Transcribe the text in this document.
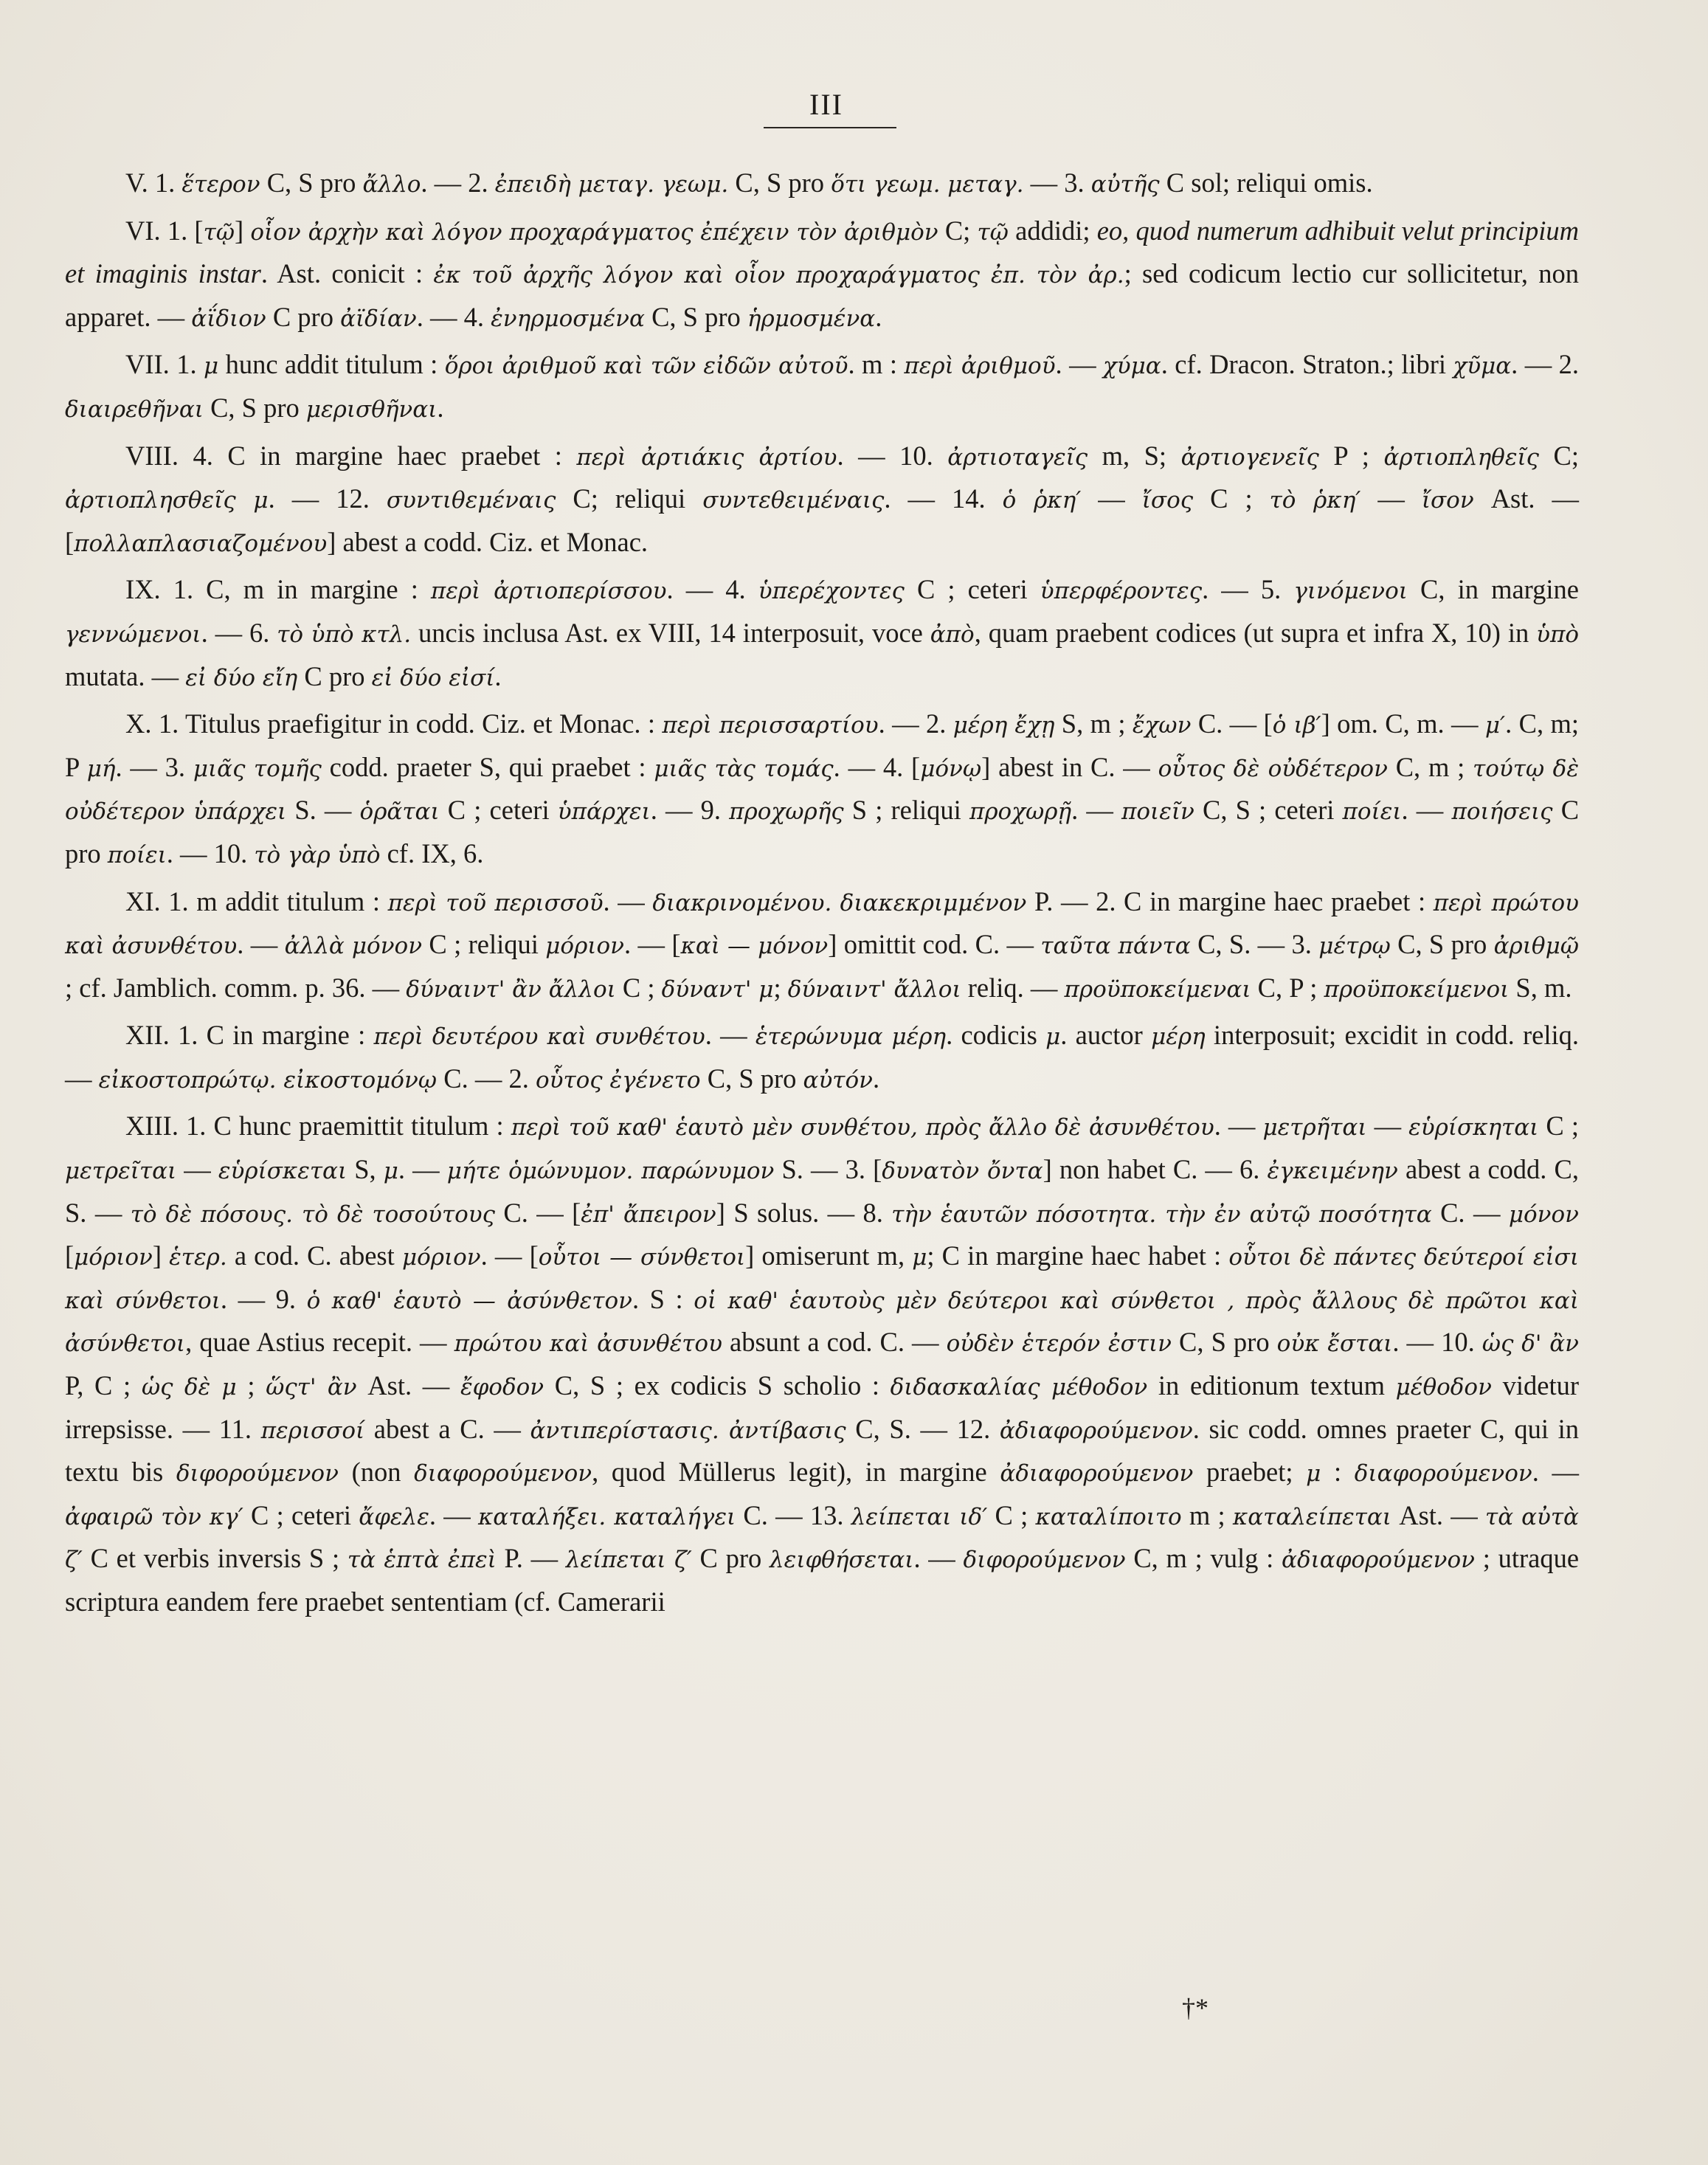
III

V. 1. ἕτερον C, S pro ἄλλο. — 2. ἐπειδὴ μεταγ. γεωμ. C, S pro ὅτι γεωμ. μεταγ. — 3. αὐτῆς C sol; reliqui omis.

VI. 1. [τῷ] οἷον ἀρχὴν καὶ λόγον προχαράγματος ἐπέχειν τὸν ἀριθμὸν C; τῷ addidi; eo, quod numerum adhibuit velut principium et imaginis instar. Ast. conicit : ἐκ τοῦ ἀρχῆς λόγον καὶ οἷον προχαράγματος ἐπ. τὸν ἀρ.; sed codicum lectio cur sollicitetur, non apparet. — ἀΐδιον C pro ἀϊδίαν. — 4. ἐνηρμοσμένα C, S pro ἡρμοσμένα.

VII. 1. μ hunc addit titulum : ὅροι ἀριθμοῦ καὶ τῶν εἰδῶν αὐτοῦ. m : περὶ ἀριθμοῦ. — χύμα. cf. Dracon. Straton.; libri χῦμα. — 2. διαιρεθῆναι C, S pro μερισθῆναι.

VIII. 4. C in margine haec praebet : περὶ ἀρτιάκις ἀρτίου. — 10. ἀρτιοταγεῖς m, S; ἀρτιογενεῖς P ; ἀρτιοπληθεῖς C; ἀρτιοπλησθεῖς μ. — 12. συντιθεμέναις C; reliqui συντεθειμέναις. — 14. ὁ ῥκη′ — ἴσος C ; τὸ ῥκη′ — ἴσον Ast. — [πολλαπλασιαζομένου] abest a codd. Ciz. et Monac.

IX. 1. C, m in margine : περὶ ἀρτιοπερίσσου. — 4. ὑπερέχοντες C ; ceteri ὑπερφέροντες. — 5. γινόμενοι C, in margine γεννώμενοι. — 6. τὸ ὑπὸ κτλ. uncis inclusa Ast. ex VIII, 14 interposuit, voce ἀπὸ, quam praebent codices (ut supra et infra X, 10) in ὑπὸ mutata. — εἰ δύο εἴη C pro εἰ δύο εἰσί.

X. 1. Titulus praefigitur in codd. Ciz. et Monac. : περὶ περισσαρτίου. — 2. μέρη ἔχῃ S, m ; ἔχων C. — [ὁ ιβ′] om. C, m. — μ′. C, m; P μή. — 3. μιᾶς τομῆς codd. praeter S, qui praebet : μιᾶς τὰς τομάς. — 4. [μόνῳ] abest in C. — οὗτος δὲ οὐδέτερον C, m ; τούτῳ δὲ οὐδέτερον ὑπάρχει S. — ὁρᾶται C ; ceteri ὑπάρχει. — 9. προχωρῆς S ; reliqui προχωρῇ. — ποιεῖν C, S ; ceteri ποίει. — ποιήσεις C pro ποίει. — 10. τὸ γὰρ ὑπὸ cf. IX, 6.

XI. 1. m addit titulum : περὶ τοῦ περισσοῦ. — διακρινομένου. διακεκριμμένον P. — 2. C in margine haec praebet : περὶ πρώτου καὶ ἀσυνθέτου. — ἀλλὰ μόνον C ; reliqui μόριον. — [καὶ — μόνον] omittit cod. C. — ταῦτα πάντα C, S. — 3. μέτρῳ C, S pro ἀριθμῷ ; cf. Jamblich. comm. p. 36. — δύναιντ' ἂν ἄλλοι C ; δύναντ' μ; δύναιντ' ἄλλοι reliq. — προϋποκείμεναι C, P ; προϋποκείμενοι S, m.

XII. 1. C in margine : περὶ δευτέρου καὶ συνθέτου. — ἑτερώνυμα μέρη. codicis μ. auctor μέρη interposuit; excidit in codd. reliq. — εἰκοστοπρώτῳ. εἰκοστομόνῳ C. — 2. οὗτος ἐγένετο C, S pro αὐτόν.

XIII. 1. C hunc praemittit titulum : περὶ τοῦ καθ' ἑαυτὸ μὲν συνθέτου, πρὸς ἄλλο δὲ ἀσυνθέτου. — μετρῆται — εὑρίσκηται C ; μετρεῖται — εὑρίσκεται S, μ. — μήτε ὁμώνυμον. παρώνυμον S. — 3. [δυνατὸν ὄντα] non habet C. — 6. ἐγκειμένην abest a codd. C, S. — τὸ δὲ πόσους. τὸ δὲ τοσούτους C. — [ἐπ' ἄπειρον] S solus. — 8. τὴν ἑαυτῶν πόσοτητα. τὴν ἐν αὐτῷ ποσότητα C. — μόνον [μόριον] ἑτερ. a cod. C. abest μόριον. — [οὗτοι — σύνθετοι] omiserunt m, μ; C in margine haec habet : οὗτοι δὲ πάντες δεύτεροί εἰσι καὶ σύνθετοι. — 9. ὁ καθ' ἑαυτὸ — ἀσύνθετον. S : οἱ καθ' ἑαυτοὺς μὲν δεύτεροι καὶ σύνθετοι , πρὸς ἄλλους δὲ πρῶτοι καὶ ἀσύνθετοι, quae Astius recepit. — πρώτου καὶ ἀσυνθέτου absunt a cod. C. — οὐδὲν ἑτερόν ἐστιν C, S pro οὐκ ἔσται. — 10. ὡς δ' ἂν P, C ; ὡς δὲ μ ; ὥςτ' ἂν Ast. — ἔφοδον C, S ; ex codicis S scholio : διδασκαλίας μέθοδον in editionum textum μέθοδον videtur irrepsisse. — 11. περισσοί abest a C. — ἀντιπερίστασις. ἀντίβασις C, S. — 12. ἀδιαφορούμενον. sic codd. omnes praeter C, qui in textu bis διφορούμενον (non διαφορούμενον, quod Müllerus legit), in margine ἀδιαφορούμενον praebet; μ : διαφορούμενον. — ἀφαιρῶ τὸν κγ′ C ; ceteri ἄφελε. — καταλήξει. καταλήγει C. — 13. λείπεται ιδ′ C ; καταλίποιτο m ; καταλείπεται Ast. — τὰ αὐτὰ ζ′ C et verbis inversis S ; τὰ ἑπτὰ ἐπεὶ P. — λείπεται ζ′ C pro λειφθήσεται. — διφορούμενον C, m ; vulg : ἀδιαφορούμενον ; utraque scriptura eandem fere praebet sententiam (cf. Camerarii

†*
